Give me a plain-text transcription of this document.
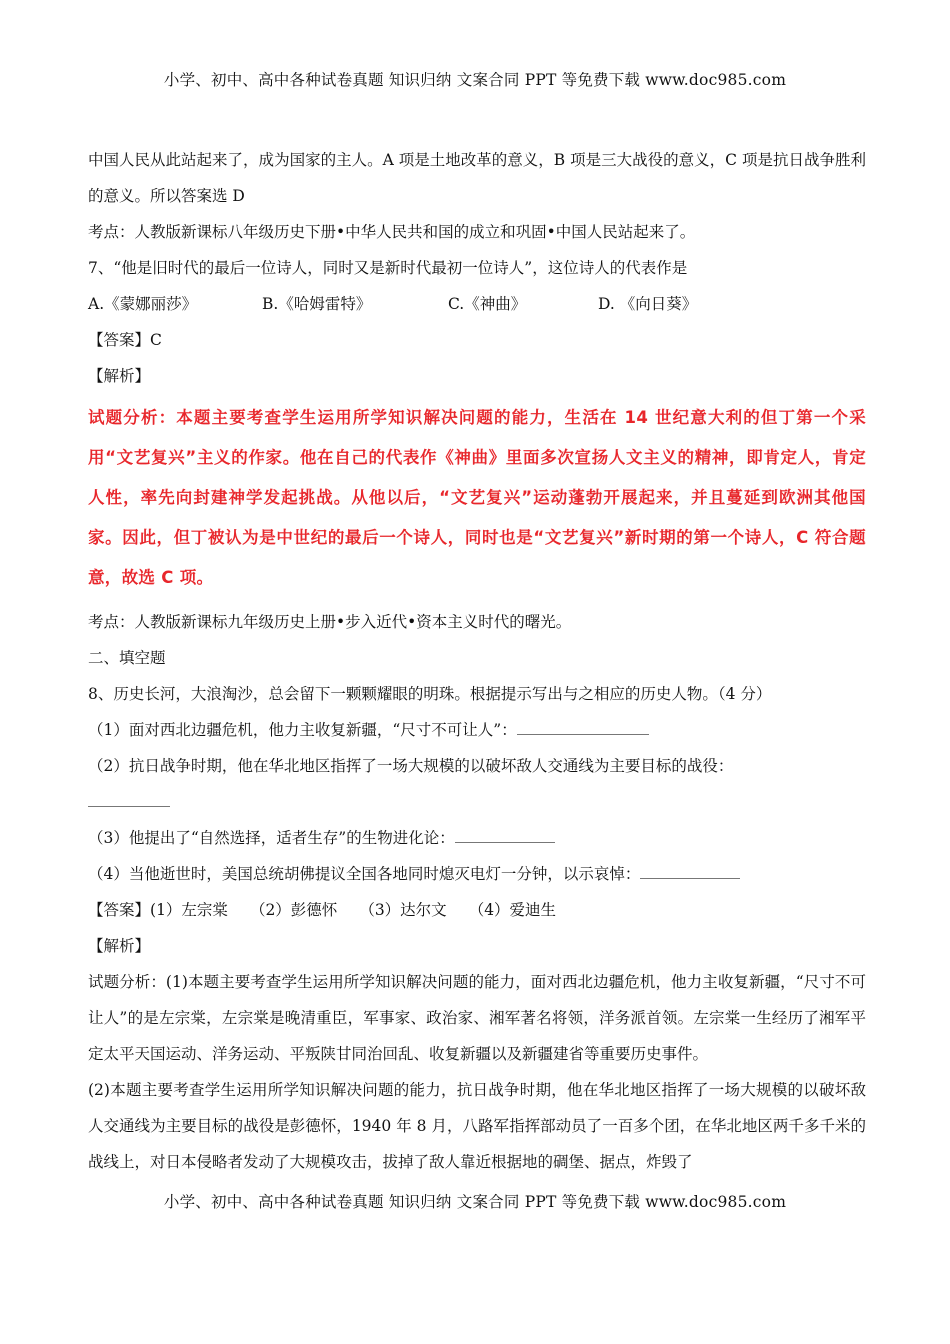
小学、初中、高中各种试卷真题 知识归纳 文案合同 PPT 等免费下载 www.doc985.com

中国人民从此站起来了，成为国家的主人。A 项是土地改革的意义，B 项是三大战役的意义，C 项是抗日战争胜利的意义。所以答案选 D

考点：人教版新课标八年级历史下册•中华人民共和国的成立和巩固•中国人民站起来了。

7、“他是旧时代的最后一位诗人，同时又是新时代最初一位诗人”，这位诗人的代表作是

A.《蒙娜丽莎》	B.《哈姆雷特》	C.《神曲》	D. 《向日葵》

【答案】C

【解析】

试题分析：本题主要考查学生运用所学知识解决问题的能力，生活在 14 世纪意大利的但丁第一个采用“文艺复兴”主义的作家。他在自己的代表作《神曲》里面多次宣扬人文主义的精神，即肯定人，肯定人性，率先向封建神学发起挑战。从他以后，“文艺复兴”运动蓬勃开展起来，并且蔓延到欧洲其他国家。因此，但丁被认为是中世纪的最后一个诗人，同时也是“文艺复兴”新时期的第一个诗人，C 符合题意，故选 C 项。

考点：人教版新课标九年级历史上册•步入近代•资本主义时代的曙光。

二、填空题

8、历史长河，大浪淘沙，总会留下一颗颗耀眼的明珠。根据提示写出与之相应的历史人物。（4 分）

（1）面对西北边疆危机，他力主收复新疆，“尺寸不可让人”：

（2）抗日战争时期，他在华北地区指挥了一场大规模的以破坏敌人交通线为主要目标的战役：

（3）他提出了“自然选择，适者生存”的生物进化论：

（4）当他逝世时，美国总统胡佛提议全国各地同时熄灭电灯一分钟，以示哀悼：

【答案】(1）左宗棠 （2）彭德怀 （3）达尔文 （4）爱迪生

【解析】

试题分析：(1)本题主要考查学生运用所学知识解决问题的能力，面对西北边疆危机，他力主收复新疆，“尺寸不可让人”的是左宗棠，左宗棠是晚清重臣，军事家、政治家、湘军著名将领，洋务派首领。左宗棠一生经历了湘军平定太平天国运动、洋务运动、平叛陕甘同治回乱、收复新疆以及新疆建省等重要历史事件。

(2)本题主要考查学生运用所学知识解决问题的能力，抗日战争时期，他在华北地区指挥了一场大规模的以破坏敌人交通线为主要目标的战役是彭德怀，1940 年 8 月，八路军指挥部动员了一百多个团，在华北地区两千多千米的战线上，对日本侵略者发动了大规模攻击，拔掉了敌人靠近根据地的碉堡、据点，炸毁了

小学、初中、高中各种试卷真题 知识归纳 文案合同 PPT 等免费下载 www.doc985.com
